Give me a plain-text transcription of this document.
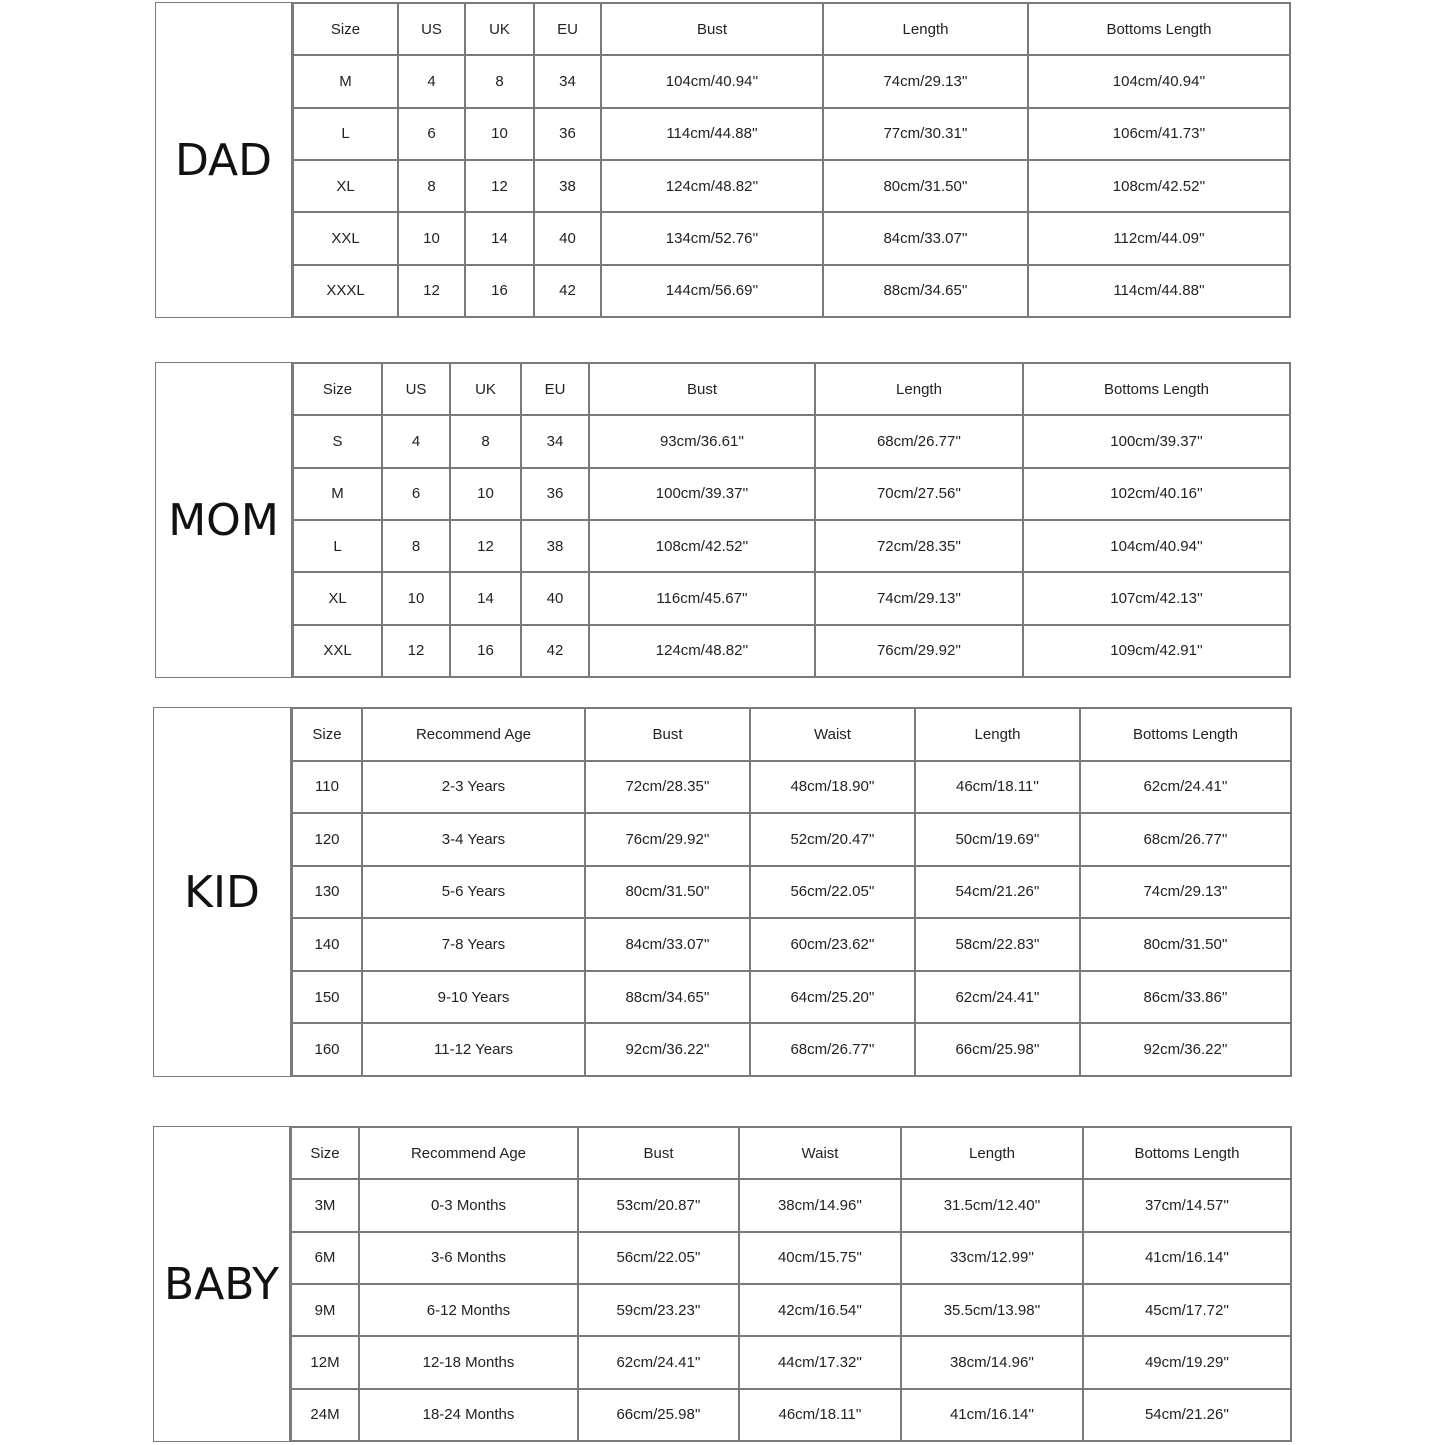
DAD
Size	US	UK	EU	Bust	Length	Bottoms Length
M	4	8	34	104cm/40.94''	74cm/29.13''	104cm/40.94''
L	6	10	36	114cm/44.88''	77cm/30.31''	106cm/41.73''
XL	8	12	38	124cm/48.82''	80cm/31.50''	108cm/42.52''
XXL	10	14	40	134cm/52.76''	84cm/33.07''	112cm/44.09''
XXXL	12	16	42	144cm/56.69''	88cm/34.65''	114cm/44.88''
MOM
Size	US	UK	EU	Bust	Length	Bottoms Length
S	4	8	34	93cm/36.61''	68cm/26.77''	100cm/39.37''
M	6	10	36	100cm/39.37''	70cm/27.56''	102cm/40.16''
L	8	12	38	108cm/42.52''	72cm/28.35''	104cm/40.94''
XL	10	14	40	116cm/45.67''	74cm/29.13''	107cm/42.13''
XXL	12	16	42	124cm/48.82''	76cm/29.92''	109cm/42.91''
KID
Size	Recommend Age	Bust	Waist	Length	Bottoms Length
110	2-3 Years	72cm/28.35''	48cm/18.90''	46cm/18.11''	62cm/24.41''
120	3-4 Years	76cm/29.92''	52cm/20.47''	50cm/19.69''	68cm/26.77''
130	5-6 Years	80cm/31.50''	56cm/22.05''	54cm/21.26''	74cm/29.13''
140	7-8 Years	84cm/33.07''	60cm/23.62''	58cm/22.83''	80cm/31.50''
150	9-10 Years	88cm/34.65''	64cm/25.20''	62cm/24.41''	86cm/33.86''
160	11-12 Years	92cm/36.22''	68cm/26.77''	66cm/25.98''	92cm/36.22''
BABY
Size	Recommend Age	Bust	Waist	Length	Bottoms Length
3M	0-3 Months	53cm/20.87''	38cm/14.96''	31.5cm/12.40''	37cm/14.57''
6M	3-6 Months	56cm/22.05''	40cm/15.75''	33cm/12.99''	41cm/16.14''
9M	6-12 Months	59cm/23.23''	42cm/16.54''	35.5cm/13.98''	45cm/17.72''
12M	12-18 Months	62cm/24.41''	44cm/17.32''	38cm/14.96''	49cm/19.29''
24M	18-24 Months	66cm/25.98''	46cm/18.11''	41cm/16.14''	54cm/21.26''
